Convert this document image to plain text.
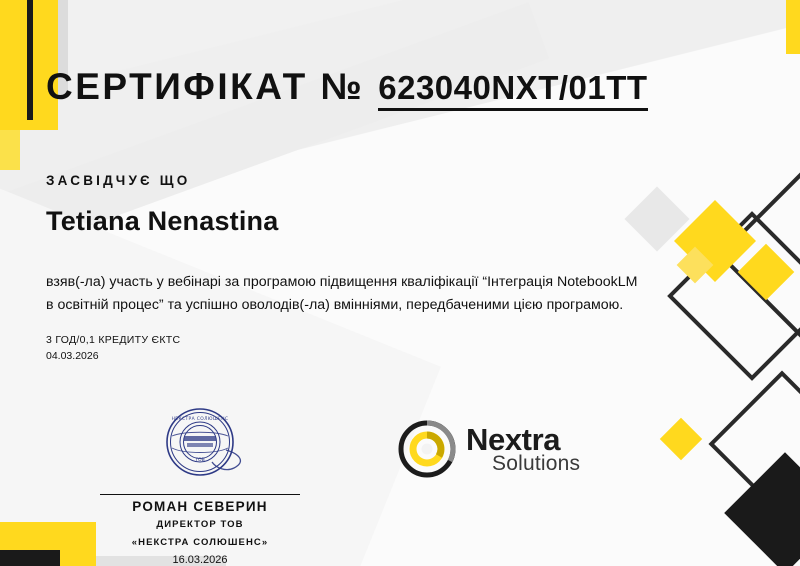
СЕРТИФІКАТ № 623040NXT/01TT
ЗАСВІДЧУЄ ЩО
Tetiana Nenastina
взяв(-ла) участь у вебінарі за програмою підвищення кваліфікації “Інтеграція NotebookLM в освітній процес” та успішно оволодів(-ла) вмінніями, передбаченими цією програмою.
3 ГОД/0,1 КРЕДИТУ ЄКТС
04.03.2026
НЕКСТРА СОЛЮШЕНС
ТОВ
РОМАН СЕВЕРИН
ДИРЕКТОР ТОВ
«НЕКСТРА СОЛЮШЕНС»
16.03.2026
Nextra
Solutions
